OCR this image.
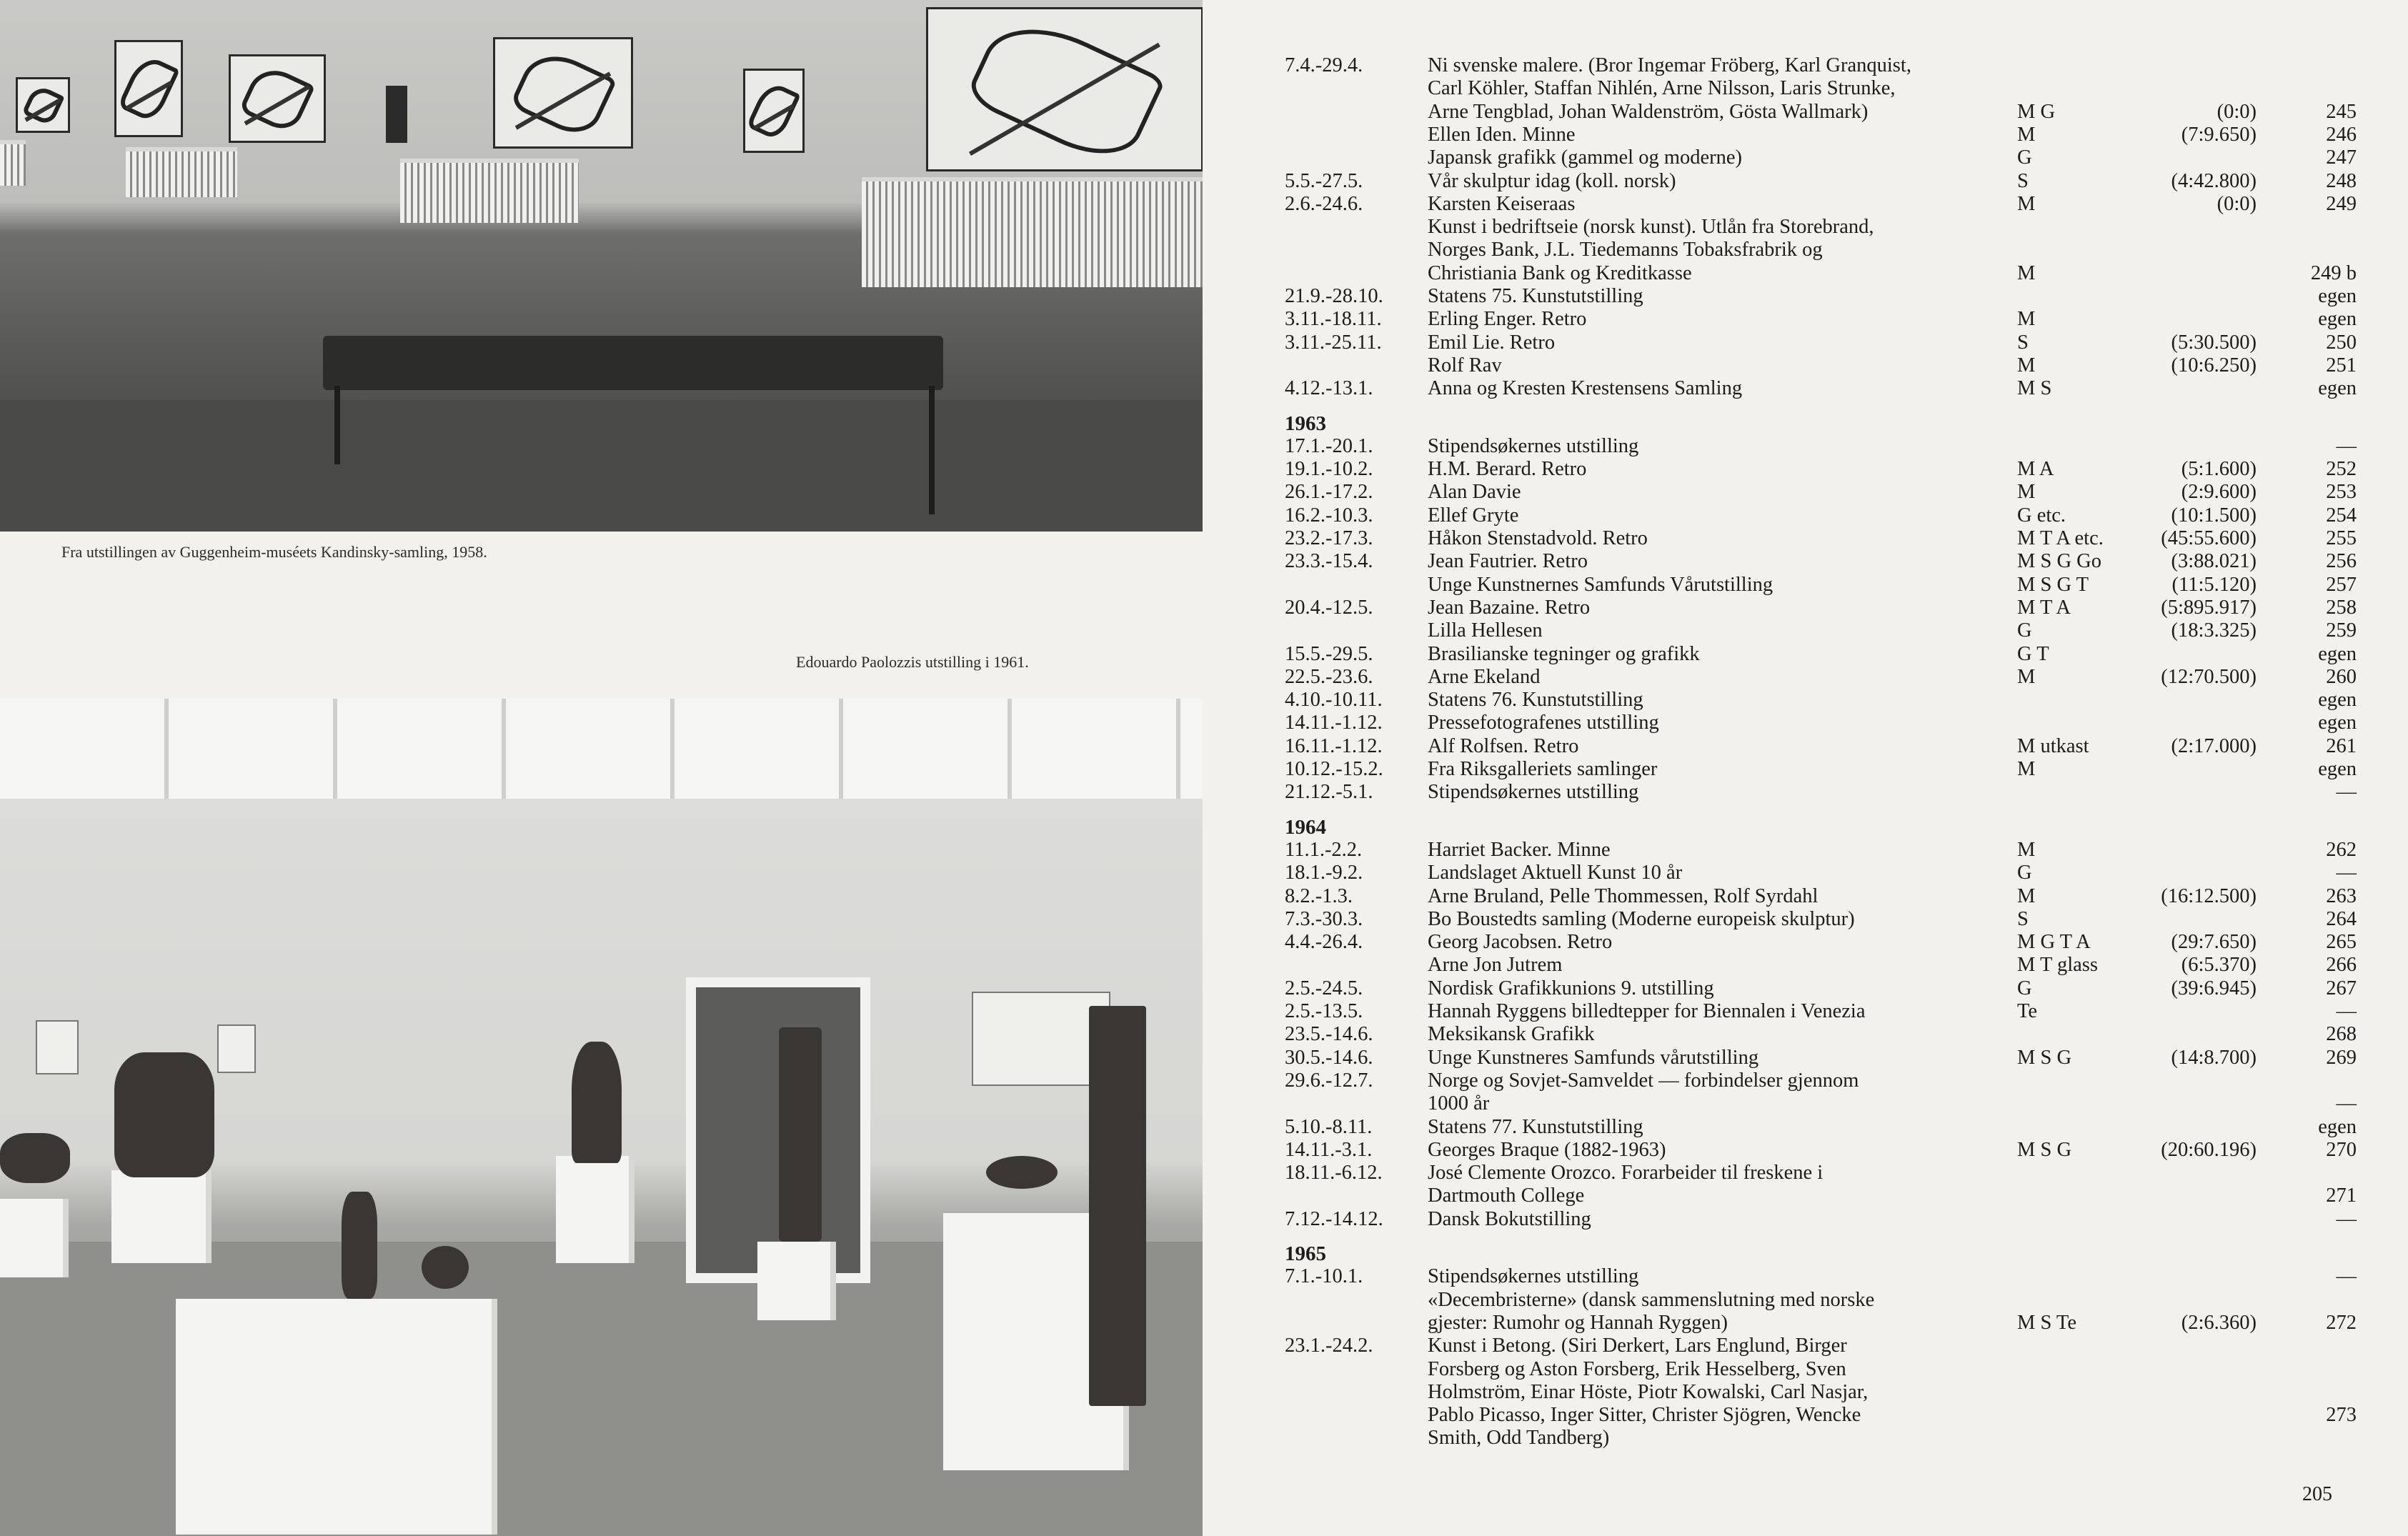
Fra utstillingen av Guggenheim-muséets Kandinsky-samling, 1958.
Edouardo Paolozzis utstilling i 1961.
7.4.-29.4.	Ni svenske malere. (Bror Ingemar Fröberg, Karl Granquist,
Carl Köhler, Staffan Nihlén, Arne Nilsson, Laris Strunke,
Arne Tengblad, Johan Waldenström, Gösta Wallmark)	M G	(0:0)	245
Ellen Iden. Minne	M	(7:9.650)	246
Japansk grafikk (gammel og moderne)	G	247
5.5.-27.5.	Vår skulptur idag (koll. norsk)	S	(4:42.800)	248
2.6.-24.6.	Karsten Keiseraas	M	(0:0)	249
Kunst i bedriftseie (norsk kunst). Utlån fra Storebrand,
Norges Bank, J.L. Tiedemanns Tobaksfrabrik og
Christiania Bank og Kreditkasse	M	249 b
21.9.-28.10. Statens 75. Kunstutstilling	egen
3.11.-18.11. Erling Enger. Retro	M	egen
3.11.-25.11. Emil Lie. Retro	S	(5:30.500)	250
Rolf Rav	M	(10:6.250)	251
4.12.-13.1.	Anna og Kresten Krestensens Samling	M S	egen
1963
17.1.-20.1.	Stipendsøkernes utstilling	—
19.1.-10.2.	H.M. Berard. Retro	M A	(5:1.600)	252
26.1.-17.2.	Alan Davie	M	(2:9.600)	253
16.2.-10.3.	Ellef Gryte	G etc.	(10:1.500)	254
23.2.-17.3.	Håkon Stenstadvold. Retro	M T A etc.	(45:55.600)	255
23.3.-15.4.	Jean Fautrier. Retro	M S G Go	(3:88.021)	256
Unge Kunstnernes Samfunds Vårutstilling	M S G T	(11:5.120)	257
20.4.-12.5.	Jean Bazaine. Retro	M T A	(5:895.917)	258
Lilla Hellesen	G	(18:3.325)	259
15.5.-29.5.	Brasilianske tegninger og grafikk	G T	egen
22.5.-23.6.	Arne Ekeland	M	(12:70.500)	260
4.10.-10.11. Statens 76. Kunstutstilling	egen
14.11.-1.12. Pressefotografenes utstilling	egen
16.11.-1.12. Alf Rolfsen. Retro	M utkast	(2:17.000)	261
10.12.-15.2. Fra Riksgalleriets samlinger	M	egen
21.12.-5.1.	Stipendsøkernes utstilling	—
1964
11.1.-2.2.	Harriet Backer. Minne	M	262
18.1.-9.2.	Landslaget Aktuell Kunst 10 år	G	—
8.2.-1.3.	Arne Bruland, Pelle Thommessen, Rolf Syrdahl	M	(16:12.500)	263
7.3.-30.3.	Bo Boustedts samling (Moderne europeisk skulptur)	S	264
4.4.-26.4.	Georg Jacobsen. Retro	M G T A	(29:7.650)	265
Arne Jon Jutrem	M T glass	(6:5.370)	266
2.5.-24.5.	Nordisk Grafikkunions 9. utstilling	G	(39:6.945)	267
2.5.-13.5.	Hannah Ryggens billedtepper for Biennalen i Venezia	Te	—
23.5.-14.6.	Meksikansk Grafikk	268
30.5.-14.6.	Unge Kunstneres Samfunds vårutstilling	M S G	(14:8.700)	269
29.6.-12.7.	Norge og Sovjet-Samveldet — forbindelser gjennom
1000 år	—
5.10.-8.11.	Statens 77. Kunstutstilling	egen
14.11.-3.1.	Georges Braque (1882-1963)	M S G	(20:60.196)	270
18.11.-6.12. José Clemente Orozco. Forarbeider til freskene i
Dartmouth College	271
7.12.-14.12. Dansk Bokutstilling	—
1965
7.1.-10.1.	Stipendsøkernes utstilling	—
«Decembristerne» (dansk sammenslutning med norske
gjester: Rumohr og Hannah Ryggen)	M S Te	(2:6.360)	272
23.1.-24.2.	Kunst i Betong. (Siri Derkert, Lars Englund, Birger
Forsberg og Aston Forsberg, Erik Hesselberg, Sven
Holmström, Einar Höste, Piotr Kowalski, Carl Nasjar,
Pablo Picasso, Inger Sitter, Christer Sjögren, Wencke	273
Smith, Odd Tandberg)
205
